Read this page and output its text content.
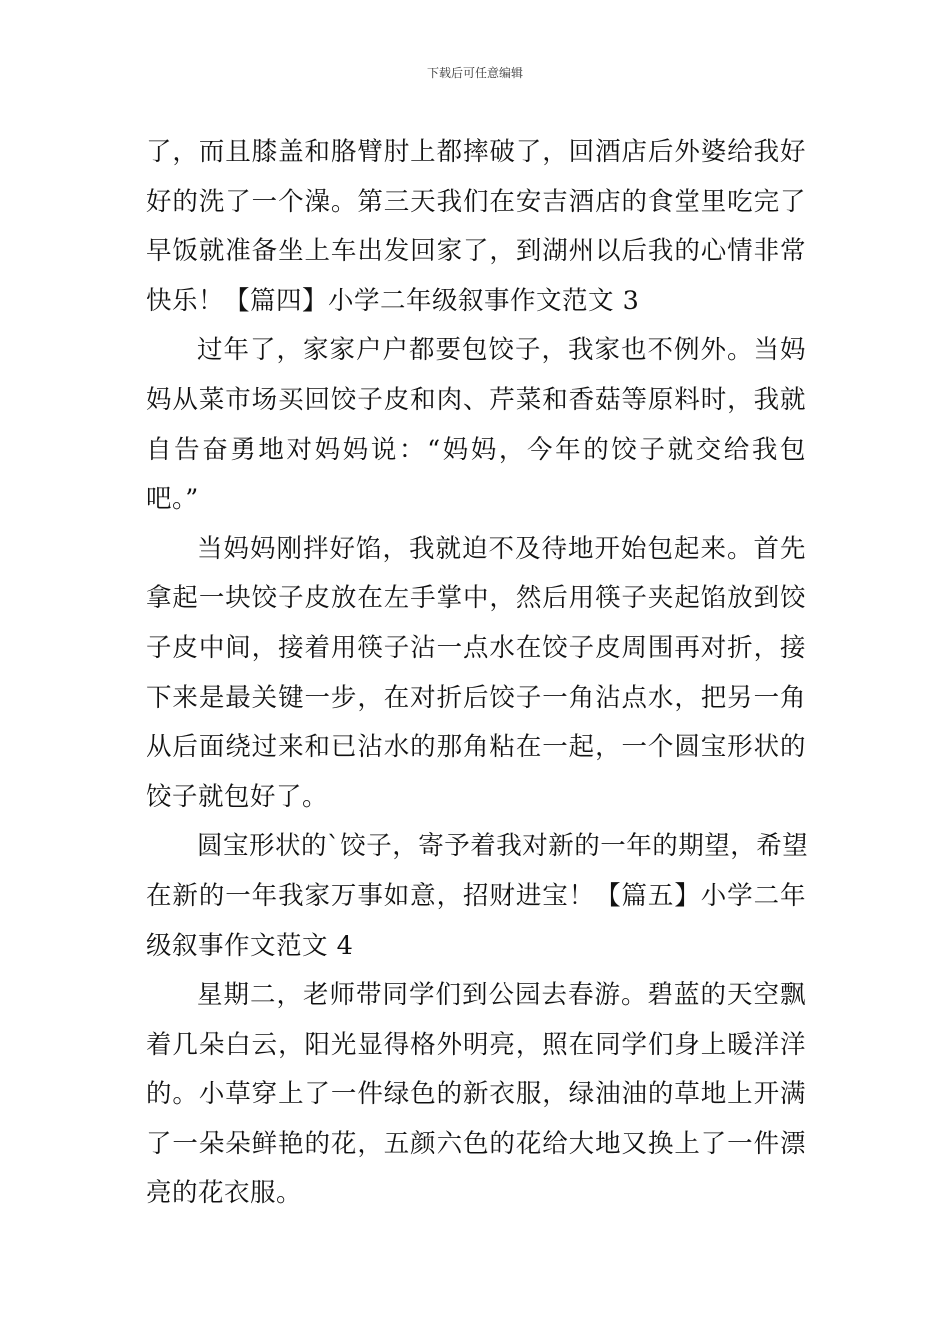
下载后可任意编辑
了，而且膝盖和胳臂肘上都摔破了，回酒店后外婆给我好
好的洗了一个澡。第三天我们在安吉酒店的食堂里吃完了
早饭就准备坐上车出发回家了，到湖州以后我的心情非常
快乐！【篇四】小学二年级叙事作文范文 3
过年了，家家户户都要包饺子，我家也不例外。当妈
妈从菜市场买回饺子皮和肉、芹菜和香菇等原料时，我就
自告奋勇地对妈妈说：“妈妈，今年的饺子就交给我包
吧。”
当妈妈刚拌好馅，我就迫不及待地开始包起来。首先
拿起一块饺子皮放在左手掌中，然后用筷子夹起馅放到饺
子皮中间，接着用筷子沾一点水在饺子皮周围再对折，接
下来是最关键一步，在对折后饺子一角沾点水，把另一角
从后面绕过来和已沾水的那角粘在一起，一个圆宝形状的
饺子就包好了。
圆宝形状的`饺子，寄予着我对新的一年的期望，希望
在新的一年我家万事如意，招财进宝！【篇五】小学二年
级叙事作文范文 4
星期二，老师带同学们到公园去春游。碧蓝的天空飘
着几朵白云，阳光显得格外明亮，照在同学们身上暖洋洋
的。小草穿上了一件绿色的新衣服，绿油油的草地上开满
了一朵朵鲜艳的花，五颜六色的花给大地又换上了一件漂
亮的花衣服。
